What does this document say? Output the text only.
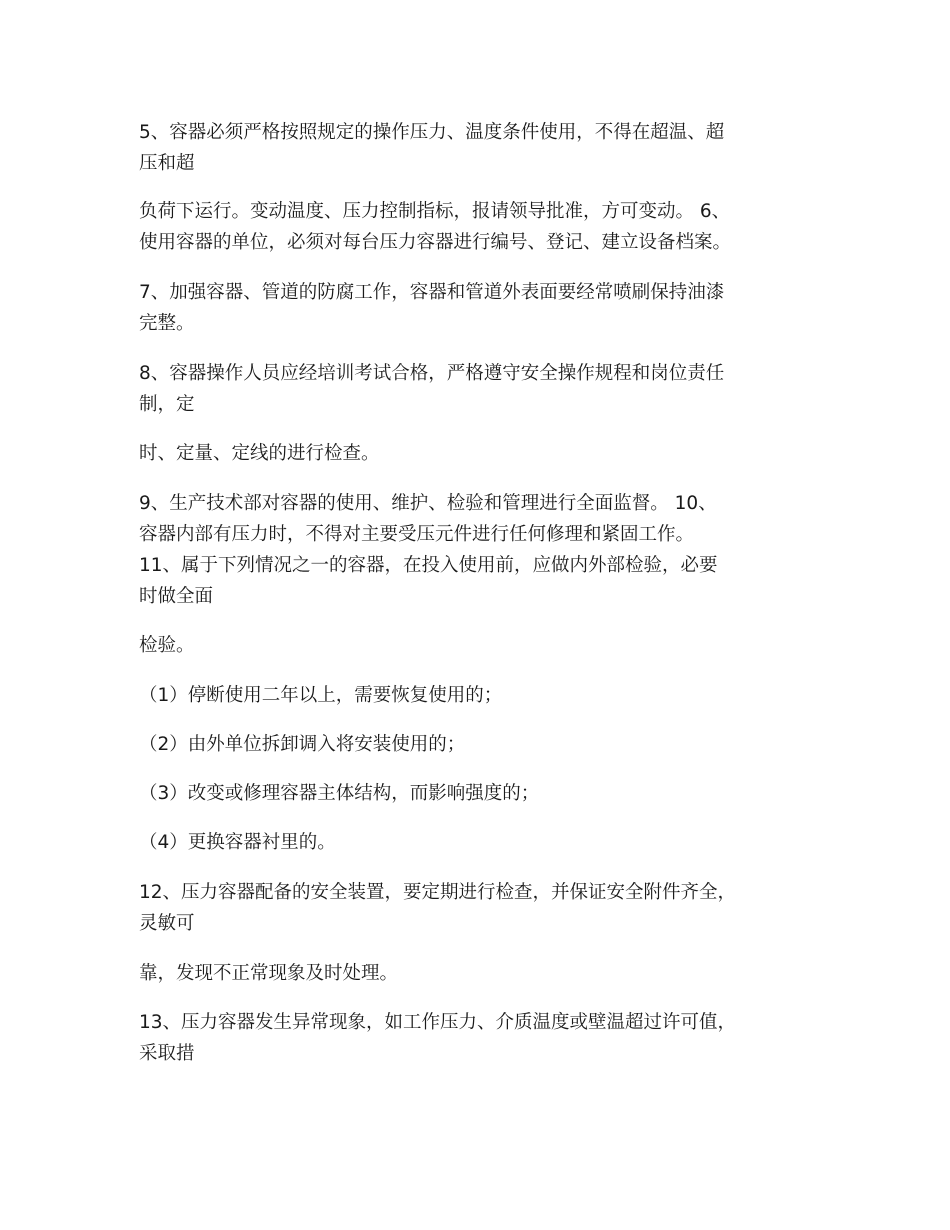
5、容器必须严格按照规定的操作压力、温度条件使用，不得在超温、超
压和超

负荷下运行。变动温度、压力控制指标，报请领导批准，方可变动。 6、
使用容器的单位，必须对每台压力容器进行编号、登记、建立设备档案。

7、加强容器、管道的防腐工作，容器和管道外表面要经常喷刷保持油漆
完整。

8、容器操作人员应经培训考试合格，严格遵守安全操作规程和岗位责任
制，定

时、定量、定线的进行检查。

9、生产技术部对容器的使用、维护、检验和管理进行全面监督。 10、
容器内部有压力时，不得对主要受压元件进行任何修理和紧固工作。
11、属于下列情况之一的容器，在投入使用前，应做内外部检验，必要
时做全面

检验。

（1）停断使用二年以上，需要恢复使用的；

（2）由外单位拆卸调入将安装使用的；

（3）改变或修理容器主体结构，而影响强度的；

（4）更换容器衬里的。

12、压力容器配备的安全装置，要定期进行检查，并保证安全附件齐全，
灵敏可

靠，发现不正常现象及时处理。

13、压力容器发生异常现象，如工作压力、介质温度或壁温超过许可值，
采取措
